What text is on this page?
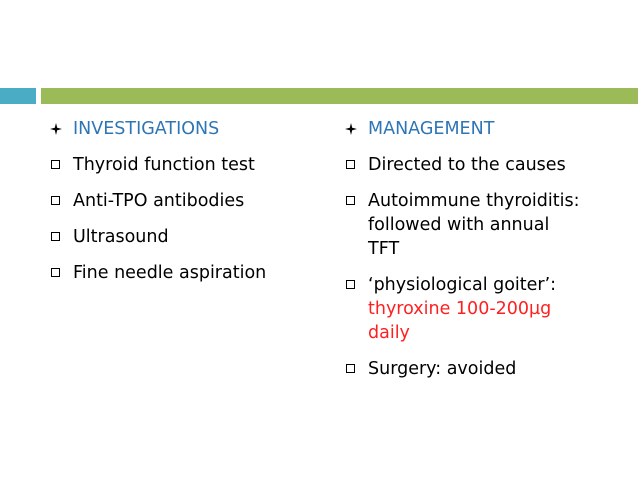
INVESTIGATIONS
Thyroid function test
Anti-TPO antibodies
Ultrasound
Fine needle aspiration
MANAGEMENT
Directed to the causes
Autoimmune thyroiditis:
followed with annual
TFT
‘physiological goiter’:
thyroxine 100-200µg
daily
Surgery: avoided
